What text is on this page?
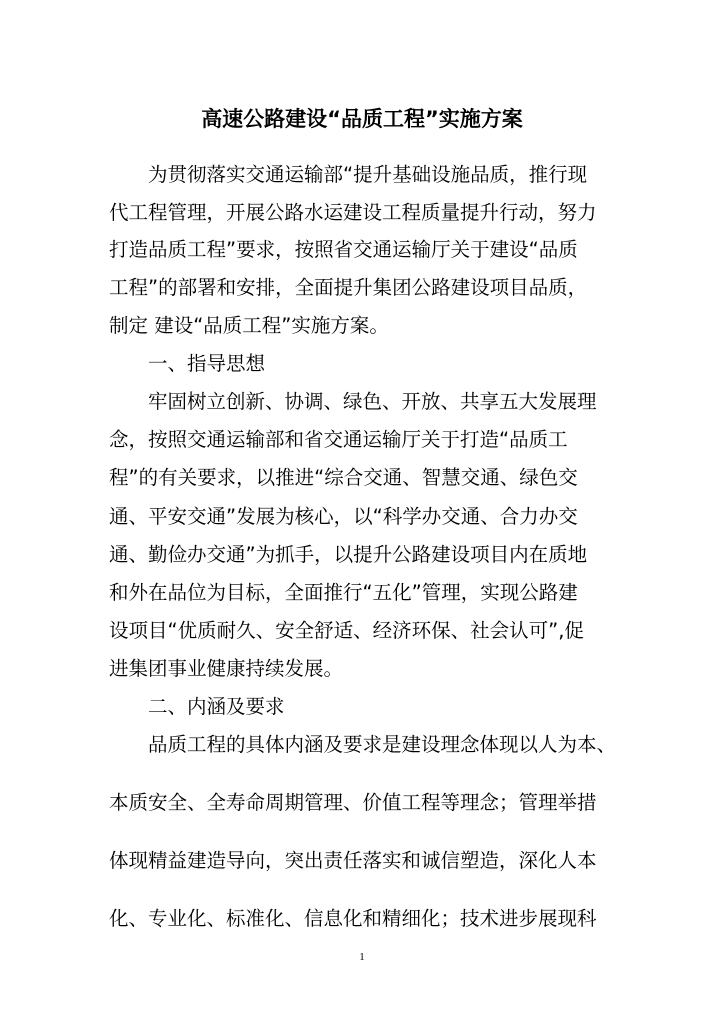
高速公路建设“品质工程”实施方案
为贯彻落实交通运输部“提升基础设施品质，推行现
代工程管理，开展公路水运建设工程质量提升行动，努力
打造品质工程”要求，按照省交通运输厅关于建设“品质
工程”的部署和安排，全面提升集团公路建设项目品质，
制定 建设“品质工程”实施方案。
一、指导思想
牢固树立创新、协调、绿色、开放、共享五大发展理
念，按照交通运输部和省交通运输厅关于打造“品质工
程”的有关要求，以推进“综合交通、智慧交通、绿色交
通、平安交通”发展为核心，以“科学办交通、合力办交
通、勤俭办交通”为抓手，以提升公路建设项目内在质地
和外在品位为目标，全面推行“五化”管理，实现公路建
设项目“优质耐久、安全舒适、经济环保、社会认可”,促
进集团事业健康持续发展。
二、内涵及要求
品质工程的具体内涵及要求是建设理念体现以人为本、
本质安全、全寿命周期管理、价值工程等理念；管理举措
体现精益建造导向，突出责任落实和诚信塑造，深化人本
化、专业化、标准化、信息化和精细化；技术进步展现科
1
